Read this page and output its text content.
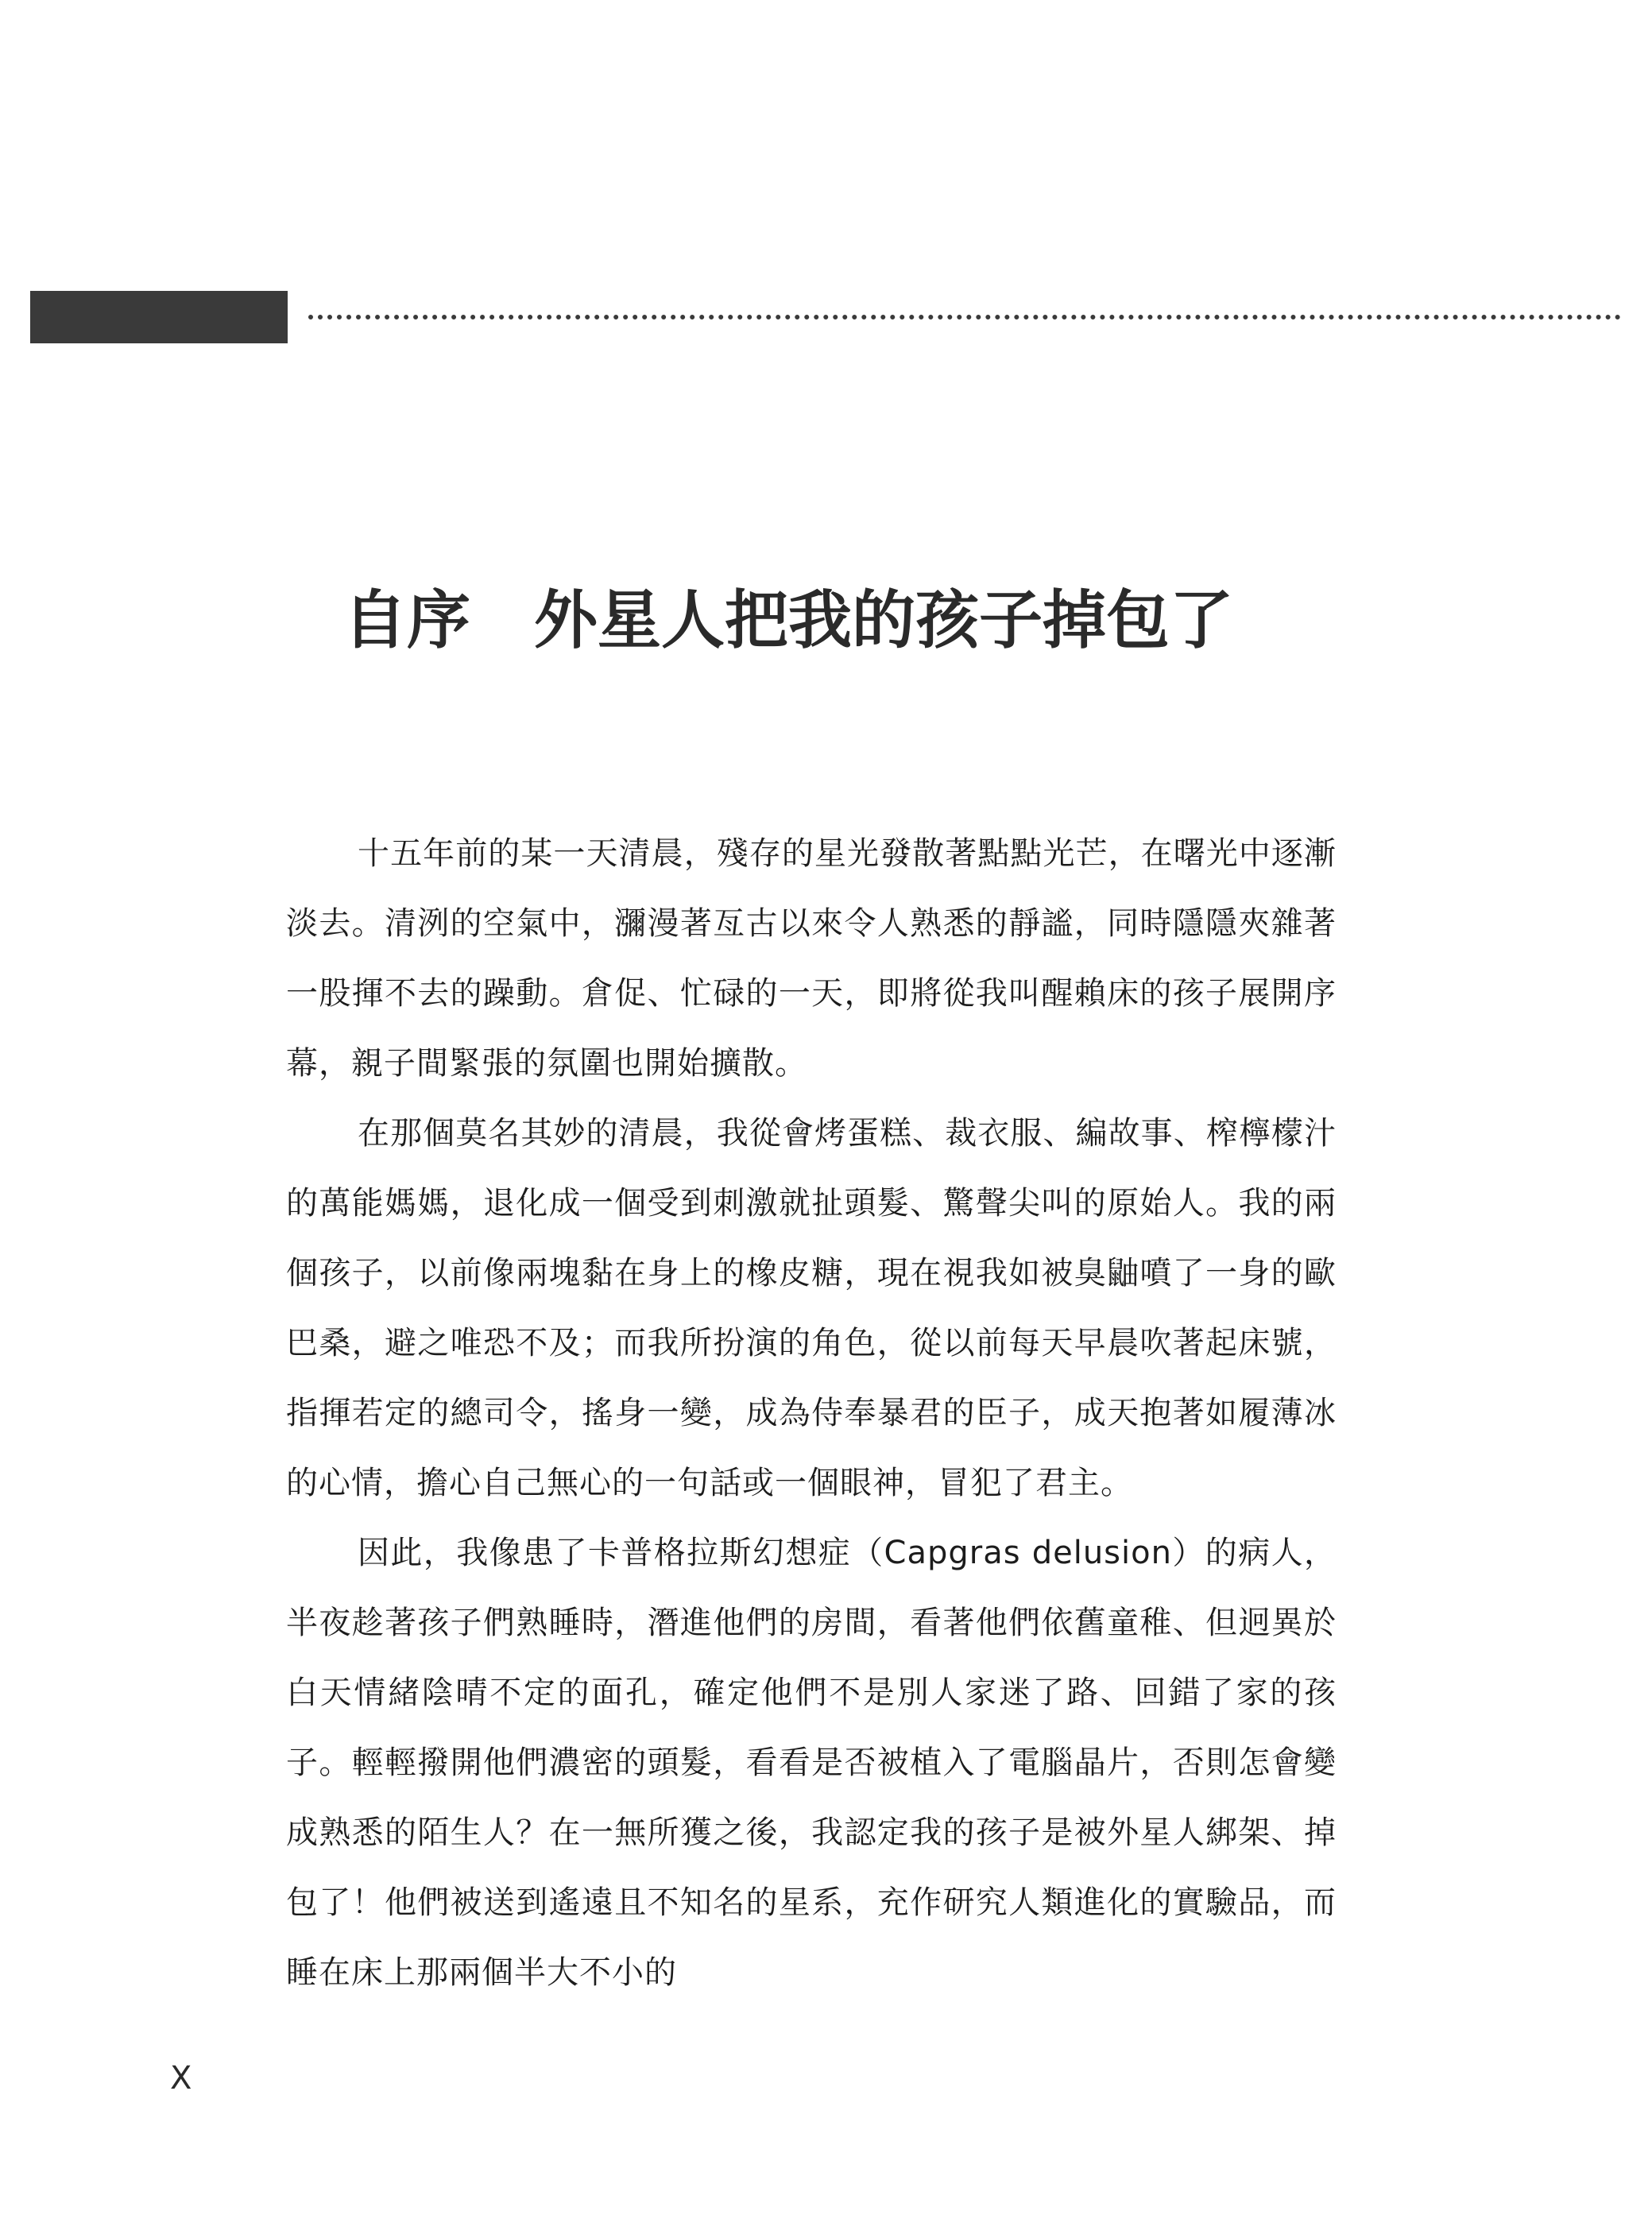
自序 外星人把我的孩子掉包了

十五年前的某一天清晨，殘存的星光發散著點點光芒，在曙光中逐漸淡去。清洌的空氣中，瀰漫著亙古以來令人熟悉的靜謐，同時隱隱夾雜著一股揮不去的躁動。倉促、忙碌的一天，即將從我叫醒賴床的孩子展開序幕，親子間緊張的氛圍也開始擴散。

在那個莫名其妙的清晨，我從會烤蛋糕、裁衣服、編故事、榨檸檬汁的萬能媽媽，退化成一個受到刺激就扯頭髮、驚聲尖叫的原始人。我的兩個孩子，以前像兩塊黏在身上的橡皮糖，現在視我如被臭鼬噴了一身的歐巴桑，避之唯恐不及；而我所扮演的角色，從以前每天早晨吹著起床號，指揮若定的總司令，搖身一變，成為侍奉暴君的臣子，成天抱著如履薄冰的心情，擔心自己無心的一句話或一個眼神，冒犯了君主。

因此，我像患了卡普格拉斯幻想症（Capgras delusion）的病人，半夜趁著孩子們熟睡時，潛進他們的房間，看著他們依舊童稚、但迥異於白天情緒陰晴不定的面孔，確定他們不是別人家迷了路、回錯了家的孩子。輕輕撥開他們濃密的頭髮，看看是否被植入了電腦晶片，否則怎會變成熟悉的陌生人？在一無所獲之後，我認定我的孩子是被外星人綁架、掉包了！他們被送到遙遠且不知名的星系，充作研究人類進化的實驗品，而睡在床上那兩個半大不小的

X
